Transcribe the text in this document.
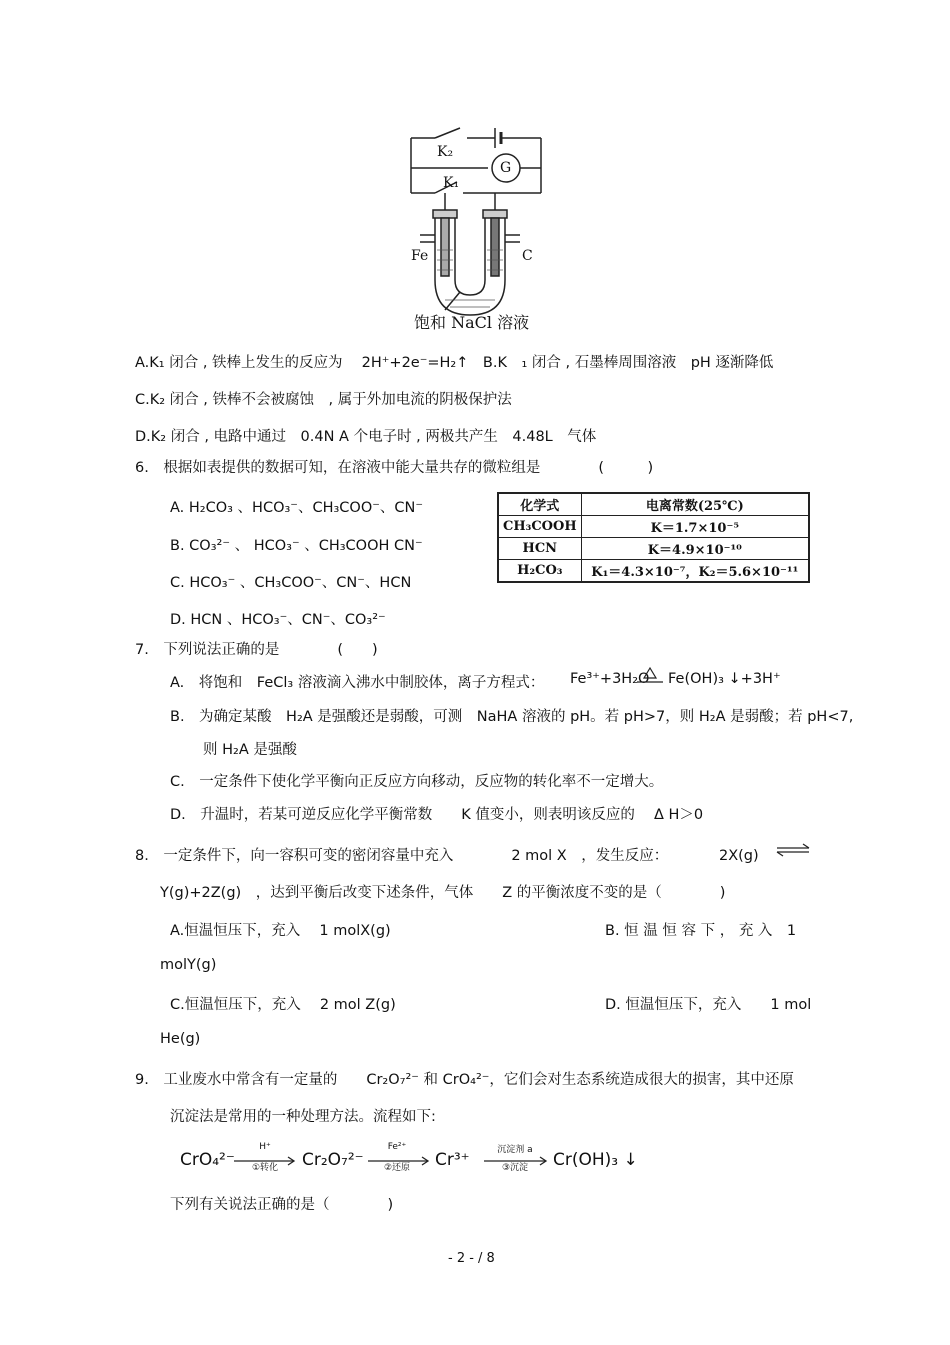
K₂
G
K₁
Fe	C
饱和 NaCl 溶液
A.K₁ 闭合 , 铁棒上发生的反应为　 2H⁺+2e⁻=H₂↑　B.K　₁ 闭合 , 石墨棒周围溶液　pH 逐渐降低
C.K₂ 闭合 , 铁棒不会被腐蚀　, 属于外加电流的阴极保护法
D.K₂ 闭合 , 电路中通过　0.4N A 个电子时 , 两极共产生　4.48L　气体
6.　根据如表提供的数据可知，在溶液中能大量共存的微粒组是　　　　(　　　)
A. H₂CO₃ 、HCO₃⁻、CH₃COO⁻、CN⁻
B. CO₃²⁻ 、 HCO₃⁻ 、CH₃COOH CN⁻
C. HCO₃⁻ 、CH₃COO⁻、CN⁻、HCN
D. HCN 、HCO₃⁻、CN⁻、CO₃²⁻
化学式	电离常数(25℃)
CH₃COOH	K＝1.7×10⁻⁵
HCN	K＝4.9×10⁻¹⁰
H₂CO₃	K₁＝4.3×10⁻⁷，K₂＝5.6×10⁻¹¹
7.　下列说法正确的是　　　　(　　)
A.　将饱和　FeCl₃ 溶液滴入沸水中制胶体，离子方程式： Fe³⁺+3H₂O Fe(OH)₃ ↓+3H⁺
B.　为确定某酸　H₂A 是强酸还是弱酸，可测　NaHA 溶液的 pH。若 pH>7，则 H₂A 是弱酸；若 pH<7,
则 H₂A 是强酸
C.　一定条件下使化学平衡向正反应方向移动，反应物的转化率不一定增大。
D.　升温时，若某可逆反应化学平衡常数　　K 值变小，则表明该反应的　 Δ H＞0
8.　一定条件下，向一容积可变的密闭容量中充入　　　　2 mol X　，发生反应：　　　　2X(g) ⇌
Y(g)+2Z(g)　，达到平衡后改变下述条件，气体　　Z 的平衡浓度不变的是（　　　　)
A.恒温恒压下，充入　 1 molX(g)	B. 恒 温 恒 容 下 ， 充 入　1
molY(g)
C.恒温恒压下，充入　 2 mol Z(g)	D. 恒温恒压下，充入　　1 mol
He(g)
9.　工业废水中常含有一定量的　　Cr₂O₇²⁻ 和 CrO₄²⁻，它们会对生态系统造成很大的损害，其中还原
沉淀法是常用的一种处理方法。流程如下:
CrO₄²⁻
H⁺
①转化	Cr₂O₇²⁻
Fe²⁺
②还原	Cr³⁺	沉淀剂 a
③沉淀	Cr(OH)₃ ↓
下列有关说法正确的是（　　　　)
- 2 - / 8
